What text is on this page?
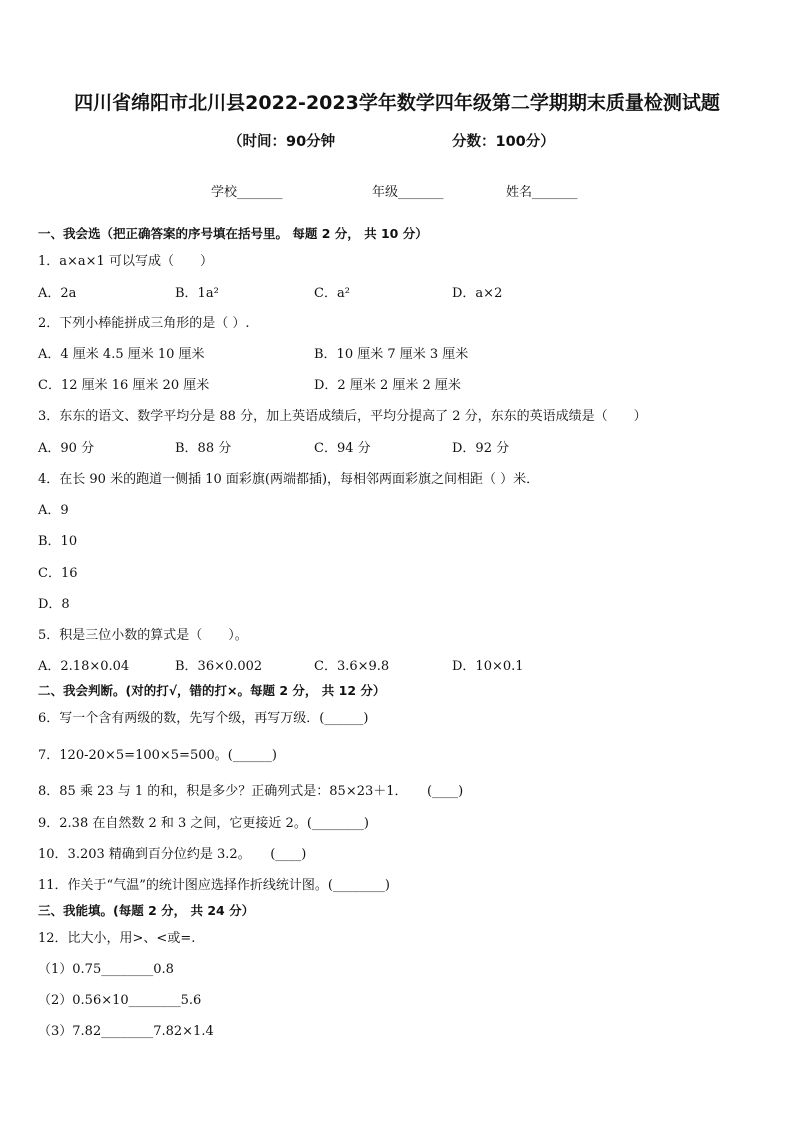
四川省绵阳市北川县2022-2023学年数学四年级第二学期期末质量检测试题
（时间：90分钟	分数：100分）
学校_______	年级_______	姓名_______
一、我会选（把正确答案的序号填在括号里。 每题 2 分， 共 10 分）
1．a×a×1 可以写成（　　）
A．2a	B．1a²	C．a²	D．a×2
2．下列小棒能拼成三角形的是（ ）.
A．4 厘米 4.5 厘米 10 厘米	B．10 厘米 7 厘米 3 厘米
C．12 厘米 16 厘米 20 厘米	D．2 厘米 2 厘米 2 厘米
3．东东的语文、数学平均分是 88 分，加上英语成绩后，平均分提高了 2 分，东东的英语成绩是（　　）
A．90 分	B．88 分	C．94 分	D．92 分
4．在长 90 米的跑道一侧插 10 面彩旗(两端都插)，每相邻两面彩旗之间相距（ ）米．
A．9
B．10
C．16
D．8
5．积是三位小数的算式是（　　）。
A．2.18×0.04	B．36×0.002	C．3.6×9.8	D．10×0.1
二、我会判断。(对的打√，错的打×。每题 2 分， 共 12 分）
6．写一个含有两级的数，先写个级，再写万级．(______)
7．120-20×5=100×5=500。(______)
8．85 乘 23 与 1 的和，积是多少？正确列式是：85×23＋1．　　(____)
9．2.38 在自然数 2 和 3 之间，它更接近 2。(________)
10．3.203 精确到百分位约是 3.2。　　(____)
11．作关于“气温”的统计图应选择作折线统计图。(________)
三、我能填。(每题 2 分， 共 24 分）
12．比大小，用>、<或=.
（1）0.75________0.8
（2）0.56×10________5.6
（3）7.82________7.82×1.4
